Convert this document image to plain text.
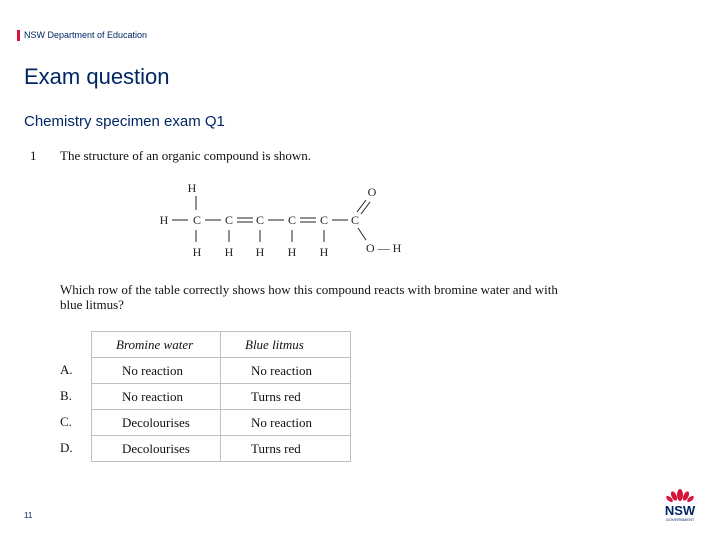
NSW Department of Education
Exam question
Chemistry specimen exam Q1
1 The structure of an organic compound is shown.
H
H C C C C C C
O
O — H
H H H H H
Which row of the table correctly shows how this compound reacts with bromine water and with blue litmus?
A.
B.
C.
D.
Bromine water	Blue litmus
No reaction	No reaction
No reaction	Turns red
Decolourises	No reaction
Decolourises	Turns red
11	NSW
GOVERNMENT
